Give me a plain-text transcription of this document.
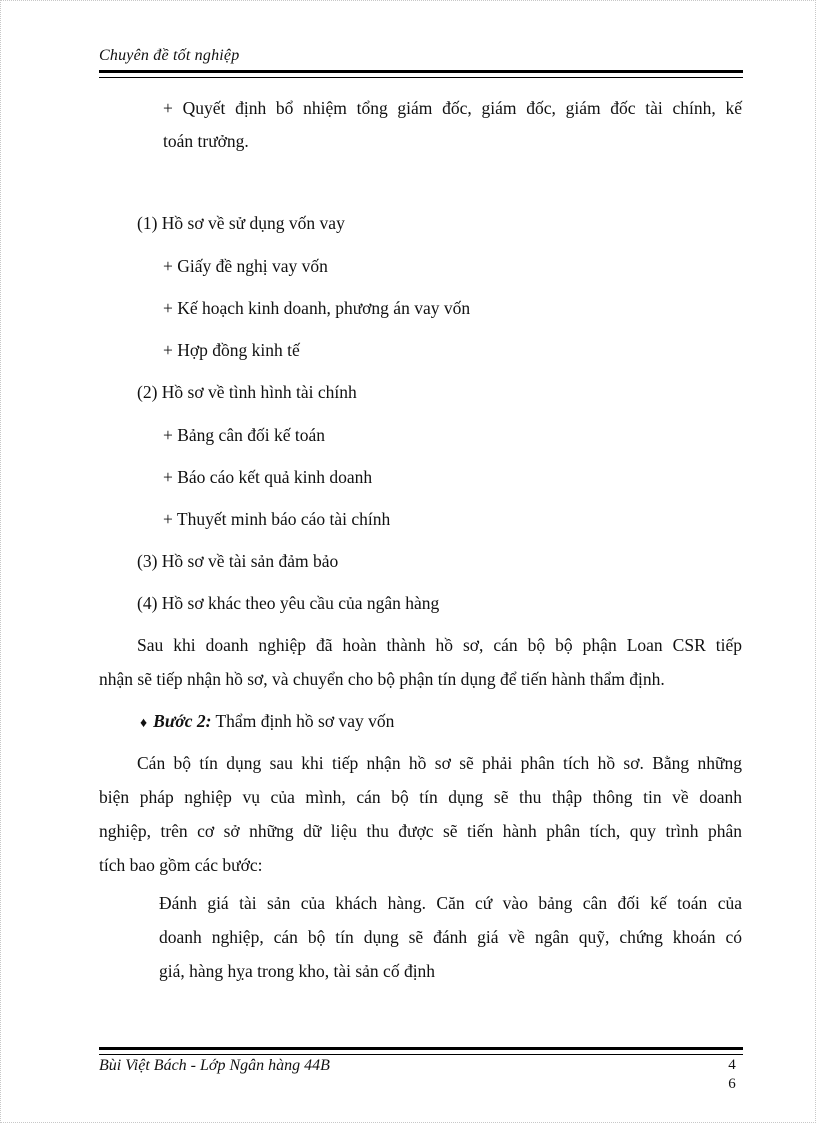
Chuyên đề tốt nghiệp
+ Quyết định bổ nhiệm tổng giám đốc, giám đốc, giám đốc tài chính, kế
toán trưởng.
(1) Hồ sơ về sử dụng vốn vay
+ Giấy đề nghị vay vốn
+ Kế hoạch kinh doanh, phương án vay vốn
+ Hợp đồng kinh tế
(2) Hồ sơ về tình hình tài chính
+ Bảng cân đối kế toán
+ Báo cáo kết quả kinh doanh
+ Thuyết minh báo cáo tài chính
(3) Hồ sơ về tài sản đảm bảo
(4) Hồ sơ khác theo yêu cầu của ngân hàng
Sau khi doanh nghiệp đã hoàn thành hồ sơ, cán bộ bộ phận Loan CSR tiếp
nhận sẽ tiếp nhận hồ sơ, và chuyển cho bộ phận tín dụng để tiến hành thẩm định.
♦ Bước 2: Thẩm định hồ sơ vay vốn
Cán bộ tín dụng sau khi tiếp nhận hồ sơ sẽ phải phân tích hồ sơ. Bằng những
biện pháp nghiệp vụ của mình, cán bộ tín dụng sẽ thu thập thông tin về doanh
nghiệp, trên cơ sở những dữ liệu thu được sẽ tiến hành phân tích, quy trình phân
tích bao gồm các bước:
Đánh giá tài sản của khách hàng. Căn cứ vào bảng cân đối kế toán của
doanh nghiệp, cán bộ tín dụng sẽ đánh giá về ngân quỹ, chứng khoán có
giá, hàng hỵa trong kho, tài sản cố định
Bùi Việt Bách - Lớp Ngân hàng 44B	4
6
